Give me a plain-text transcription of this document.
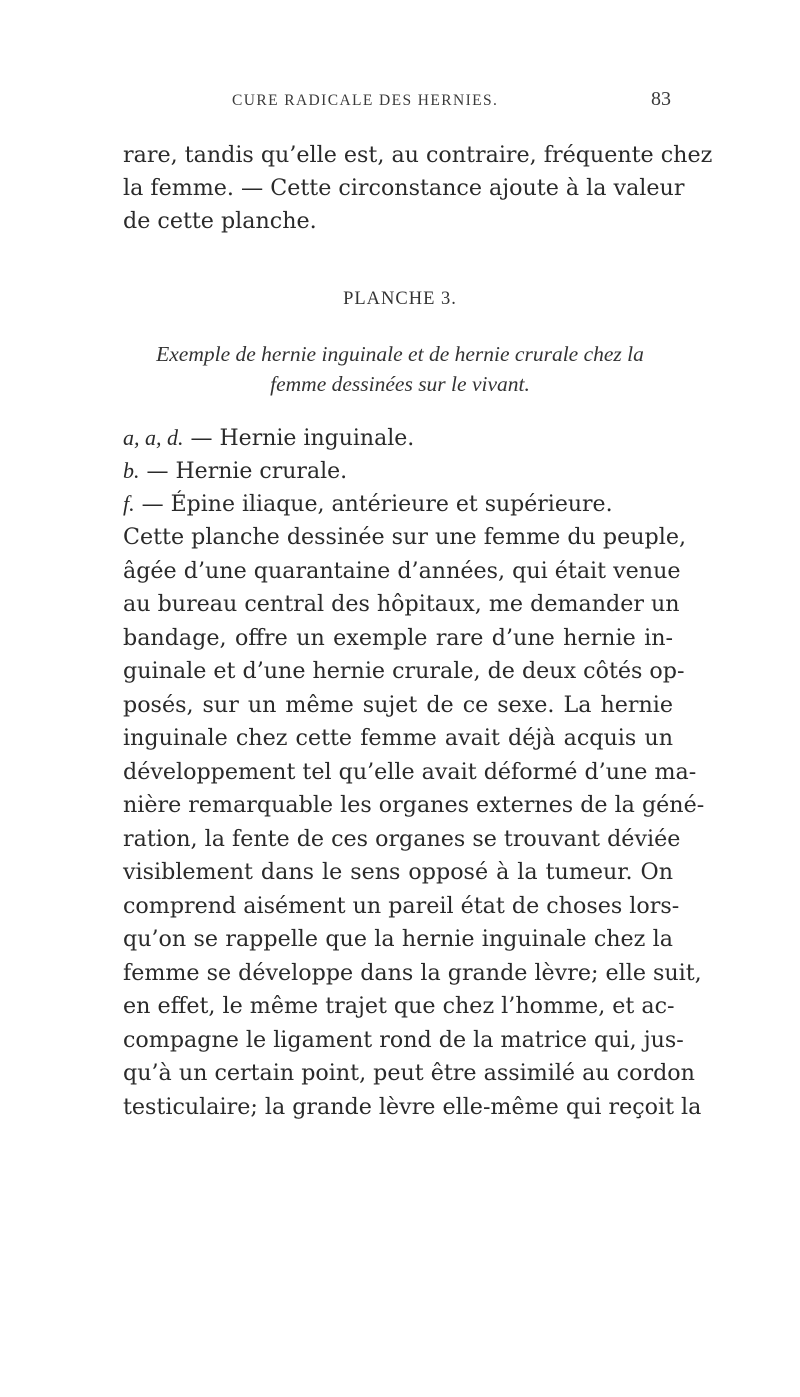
CURE RADICALE DES HERNIES.	83
rare, tandis qu’elle est, au contraire, fréquente chez
la femme. — Cette circonstance ajoute à la valeur
de cette planche.
PLANCHE 3.
Exemple de hernie inguinale et de hernie crurale chez la
femme dessinées sur le vivant.
a, a, d. — Hernie inguinale.
b. — Hernie crurale.
f. — Épine iliaque, antérieure et supérieure.
Cette planche dessinée sur une femme du peuple,
âgée d’une quarantaine d’années, qui était venue
au bureau central des hôpitaux, me demander un
bandage, offre un exemple rare d’une hernie in-
guinale et d’une hernie crurale, de deux côtés op-
posés, sur un même sujet de ce sexe. La hernie
inguinale chez cette femme avait déjà acquis un
développement tel qu’elle avait déformé d’une ma-
nière remarquable les organes externes de la géné-
ration, la fente de ces organes se trouvant déviée
visiblement dans le sens opposé à la tumeur. On
comprend aisément un pareil état de choses lors-
qu’on se rappelle que la hernie inguinale chez la
femme se développe dans la grande lèvre; elle suit,
en effet, le même trajet que chez l’homme, et ac-
compagne le ligament rond de la matrice qui, jus-
qu’à un certain point, peut être assimilé au cordon
testiculaire; la grande lèvre elle-même qui reçoit la
